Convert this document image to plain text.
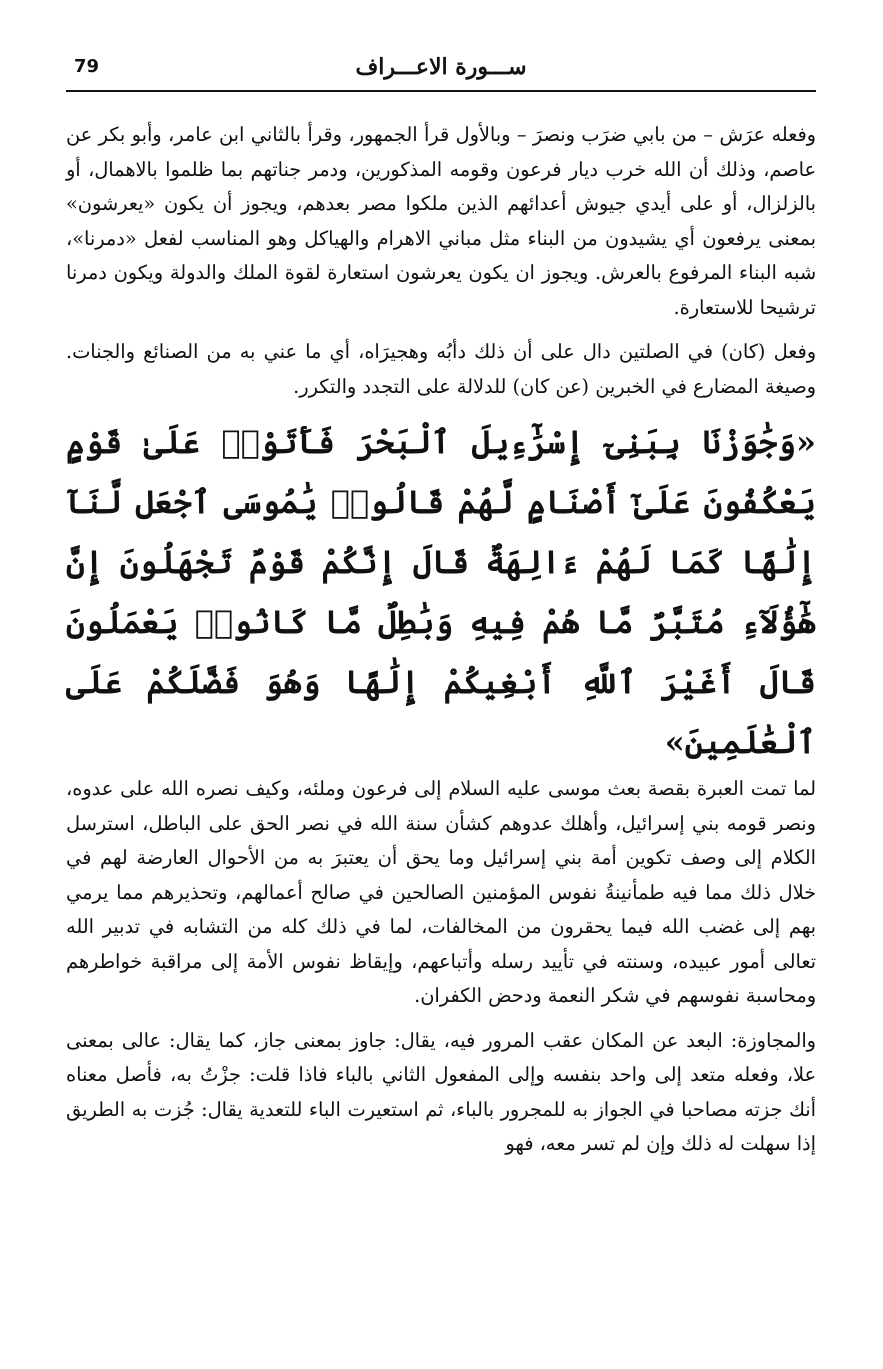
79	ســـورة الاعـــراف

وفعله عرَش – من بابي ضرَب ونصرَ – وبالأول قرأ الجمهور، وقرأ بالثاني ابن عامر، وأبو بكر عن عاصم، وذلك أن الله خرب ديار فرعون وقومه المذكورين، ودمر جناتهم بما ظلموا بالاهمال، أو بالزلزال، أو على أيدي جيوش أعدائهم الذين ملكوا مصر بعدهم، ويجوز أن يكون «يعرشون» بمعنى يرفعون أي يشيدون من البناء مثل مباني الاهرام والهياكل وهو المناسب لفعل «دمرنا»، شبه البناء المرفوع بالعرش. ويجوز ان يكون يعرشون استعارة لقوة الملك والدولة ويكون دمرنا ترشيحا للاستعارة.

وفعل (كان) في الصلتين دال على أن ذلك دأبُه وهجيرَاه، أي ما عني به من الصنائع والجنات. وصيغة المضارع في الخبرين (عن كان) للدلالة على التجدد والتكرر.

«وَجَٰوَزْنَا بِبَنِىٓ إِسْرَٰٓءِيلَ ٱلْبَحْرَ فَأَتَوْا۟ عَلَىٰ قَوْمٍ يَعْكُفُونَ عَلَىٰٓ أَصْنَامٍ لَّهُمْ قَالُوا۟ يَٰمُوسَى ٱجْعَل لَّنَآ إِلَٰهًا كَمَا لَهُمْ ءَالِهَةٌ قَالَ إِنَّكُمْ قَوْمٌ تَجْهَلُونَ إِنَّ هَٰٓؤُلَآءِ مُتَبَّرٌ مَّا هُمْ فِيهِ وَبَٰطِلٌ مَّا كَانُوا۟ يَعْمَلُونَ قَالَ أَغَيْرَ ٱللَّهِ أَبْغِيكُمْ إِلَٰهًا وَهُوَ فَضَّلَكُمْ عَلَى ٱلْعَٰلَمِينَ»

لما تمت العبرة بقصة بعث موسى عليه السلام إلى فرعون وملئه، وكيف نصره الله على عدوه، ونصر قومه بني إسرائيل، وأهلك عدوهم كشأن سنة الله في نصر الحق على الباطل، استرسل الكلام إلى وصف تكوين أمة بني إسرائيل وما يحق أن يعتبرَ به من الأحوال العارضة لهم في خلال ذلك مما فيه طمأنينةُ نفوس المؤمنين الصالحين في صالح أعمالهم، وتحذيرهم مما يرمي بهم إلى غضب الله فيما يحقرون من المخالفات، لما في ذلك كله من التشابه في تدبير الله تعالى أمور عبيده، وسنته في تأييد رسله وأتباعهم، وإيقاظ نفوس الأمة إلى مراقبة خواطرهم ومحاسبة نفوسهم في شكر النعمة ودحض الكفران.

والمجاوزة: البعد عن المكان عقب المرور فيه، يقال: جاوز بمعنى جاز، كما يقال: عالى بمعنى علا، وفعله متعد إلى واحد بنفسه وإلى المفعول الثاني بالباء فاذا قلت: جزْتُ به، فأصل معناه أنك جزته مصاحبا في الجواز به للمجرور بالباء، ثم استعيرت الباء للتعدية يقال: جُزت به الطريق إذا سهلت له ذلك وإن لم تسر معه، فهو
